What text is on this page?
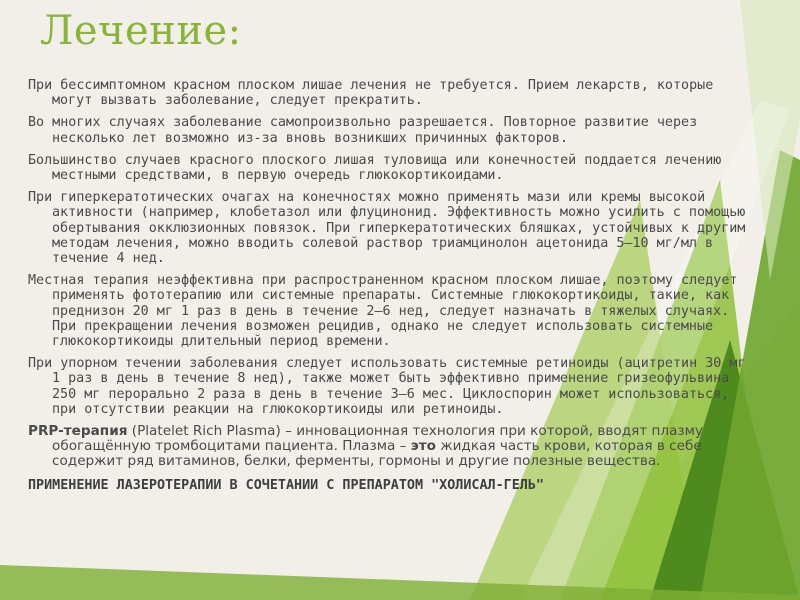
Лечение:

При бессимптомном красном плоском лишае лечения не требуется. Прием лекарств, которые могут вызвать заболевание, следует прекратить.

Во многих случаях заболевание самопроизвольно разрешается. Повторное развитие через несколько лет возможно из-за вновь возникших причинных факторов.

Большинство случаев красного плоского лишая туловища или конечностей поддается лечению местными средствами, в первую очередь глюкокортикоидами.

При гиперкератотических очагах на конечностях можно применять мази или кремы высокой активности (например, клобетазол или флуцинонид. Эффективность можно усилить с помощью обертывания окклюзионных повязок. При гиперкератотических бляшках, устойчивых к другим методам лечения, можно вводить солевой раствор триамцинолон ацетонида 5—10 мг/мл в течение 4 нед.

Местная терапия неэффективна при распространенном красном плоском лишае, поэтому следует применять фототерапию или системные препараты. Системные глюкокортикоиды, такие, как преднизон 20 мг 1 раз в день в течение 2—6 нед, следует назначать в тяжелых случаях. При прекращении лечения возможен рецидив, однако не следует использовать системные глюкокортикоиды длительный период времени.

При упорном течении заболевания следует использовать системные ретиноиды (ацитретин 30 мг 1 раз в день в течение 8 нед), также может быть эффективно применение гризеофульвина 250 мг перорально 2 раза в день в течение 3—6 мес. Циклоспорин может использоваться, при отсутствии реакции на глюкокортикоиды или ретиноиды.

PRP-терапия (Platelet Rich Plasma) – инновационная технология при которой, вводят плазму обогащённую тромбоцитами пациента. Плазма – это жидкая часть крови, которая в себе содержит ряд витаминов, белки, ферменты, гормоны и другие полезные вещества.

ПРИМЕНЕНИЕ ЛАЗЕРОТЕРАПИИ В СОЧЕТАНИИ С ПРЕПАРАТОМ "ХОЛИСАЛ-ГЕЛЬ"
